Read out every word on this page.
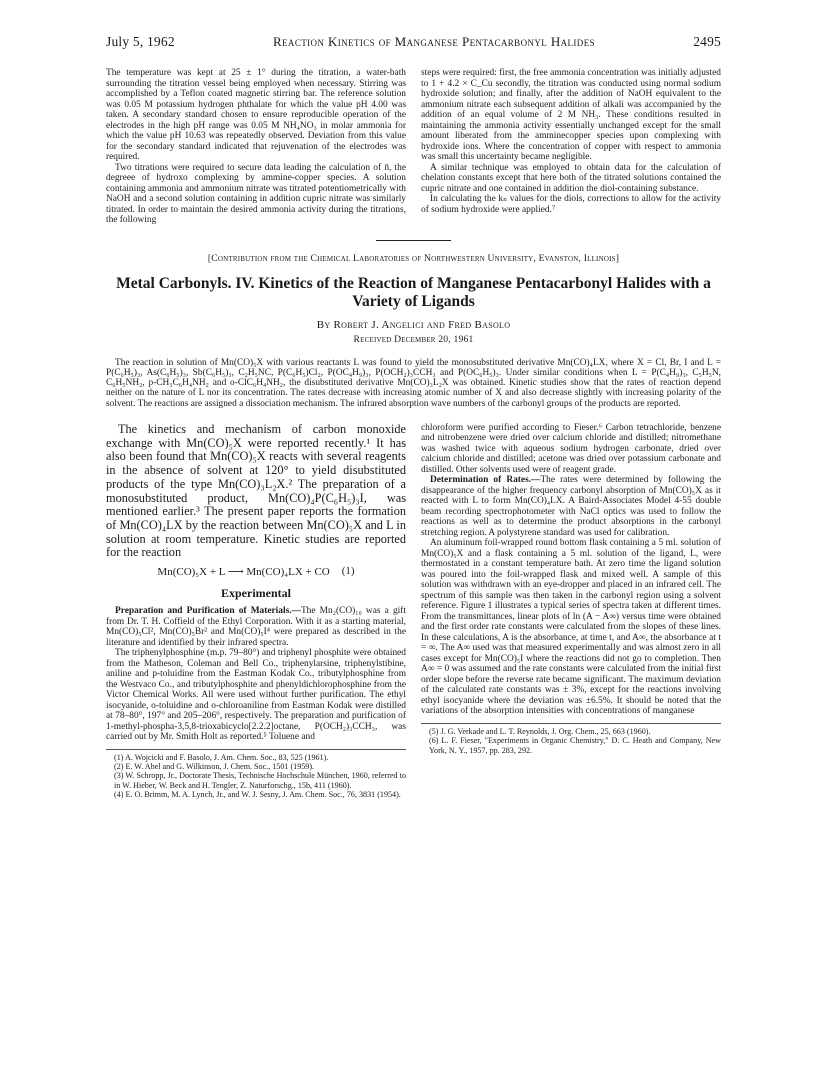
July 5, 1962	Reaction Kinetics of Manganese Pentacarbonyl Halides	2495

The temperature was kept at 25 ± 1° during the titration, a water-bath surrounding the titration vessel being employed when necessary. Stirring was accomplished by a Teflon coated magnetic stirring bar. The reference solution was 0.05 M potassium hydrogen phthalate for which the value pH 4.00 was taken. A secondary standard chosen to ensure reproducible operation of the electrodes in the high pH range was 0.05 M NH₄NO₃ in molar ammonia for which the value pH 10.63 was repeatedly observed. Deviation from this value for the secondary standard indicated that rejuvenation of the electrodes was required.

Two titrations were required to secure data leading the calculation of n̄, the degreee of hydroxo complexing by ammine-copper species. A solution containing ammonia and ammonium nitrate was titrated potentiometrically with NaOH and a second solution containing in addition cupric nitrate was similarly titrated. In order to maintain the desired ammonia activity during the titrations, the following

steps were required: first, the free ammonia concentration was initially adjusted to 1 + 4.2 × C_Cu secondly, the titration was conducted using normal sodium hydroxide solution; and finally, after the addition of NaOH equivalent to the ammonium nitrate each subsequent addition of alkali was accompanied by the addition of an equal volume of 2 M NH₃. These conditions resulted in maintaining the ammonia activity essentially unchanged except for the small amount liberated from the amminecopper species upon complexing with hydroxide ions. Where the concentration of copper with respect to ammonia was small this uncertainty became negligible.

A similar technique was employed to obtain data for the calculation of chelation constants except that here both of the titrated solutions contained the cupric nitrate and one contained in addition the diol-containing substance.

In calculating the kₙ values for the diols, corrections to allow for the activity of sodium hydroxide were applied.⁷

[Contribution from the Chemical Laboratories of Northwestern University, Evanston, Illinois]
Metal Carbonyls. IV. Kinetics of the Reaction of Manganese Pentacarbonyl Halides with a Variety of Ligands
By Robert J. Angelici and Fred Basolo
Received December 20, 1961

The reaction in solution of Mn(CO)₅X with various reactants L was found to yield the monosubstituted derivative Mn(CO)₄LX, where X = Cl, Br, I and L = P(C₆H₅)₃, As(C₆H₅)₃, Sb(C₆H₅)₃, C₂H₅NC, P(C₆H₅)Cl₂, P(OC₄H₉)₃, P(OCH₂)₃CCH₃ and P(OC₆H₅)₃. Under similar conditions when L = P(C₄H₉)₃, C₅H₅N, C₆H₅NH₂, p-CH₃C₆H₄NH₂ and o-ClC₆H₄NH₂, the disubstituted derivative Mn(CO)₃L₂X was obtained. Kinetic studies show that the rates of reaction depend neither on the nature of L nor its concentration. The rates decrease with increasing atomic number of X and also decrease slightly with increasing polarity of the solvent. The reactions are assigned a dissociation mechanism. The infrared absorption wave numbers of the carbonyl groups of the products are reported.

The kinetics and mechanism of carbon monoxide exchange with Mn(CO)₅X were reported recently.¹ It has also been found that Mn(CO)₅X reacts with several reagents in the absence of solvent at 120° to yield disubstituted products of the type Mn(CO)₃L₂X.² The preparation of a monosubstituted product, Mn(CO)₄P(C₆H₅)₃I, was mentioned earlier.³ The present paper reports the formation of Mn(CO)₄LX by the reaction between Mn(CO)₅X and L in solution at room temperature. Kinetic studies are reported for the reaction

Mn(CO)₅X + L ⟶ Mn(CO)₄LX + CO (1)
Experimental

Preparation and Purification of Materials.—The Mn₂(CO)₁₀ was a gift from Dr. T. H. Coffield of the Ethyl Corporation. With it as a starting material, Mn(CO)₅Cl², Mn(CO)₅Br² and Mn(CO)₅I⁴ were prepared as described in the literature and identified by their infrared spectra.

The triphenylphosphine (m.p. 79–80°) and triphenyl phosphite were obtained from the Matheson, Coleman and Bell Co., triphenylarsine, triphenylstibine, aniline and p-toluidine from the Eastman Kodak Co., tributylphosphine from the Westvaco Co., and tributylphosphite and phenyldichlorophosphine from the Victor Chemical Works. All were used without further purification. The ethyl isocyanide, o-toluidine and o-chloroaniline from Eastman Kodak were distilled at 78–80°, 197° and 205–206°, respectively. The preparation and purification of 1-methyl-phospha-3,5,8-trioxabicyclo[2.2.2]octane, P(OCH₂)₃CCH₃, was carried out by Mr. Smith Holt as reported.⁵ Toluene and

(1) A. Wojcicki and F. Basolo, J. Am. Chem. Soc., 83, 525 (1961).

(2) E. W. Abel and G. Wilkinson, J. Chem. Soc., 1501 (1959).

(3) W. Schropp, Jr., Doctorate Thesis, Technische Hochschule München, 1960, referred to in W. Hieber, W. Beck and H. Tengler, Z. Naturforschg., 15b, 411 (1960).

(4) E. O. Brimm, M. A. Lynch, Jr., and W. J. Sesny, J. Am. Chem. Soc., 76, 3831 (1954).

chloroform were purified according to Fieser.⁶ Carbon tetrachloride, benzene and nitrobenzene were dried over calcium chloride and distilled; nitromethane was washed twice with aqueous sodium hydrogen carbonate, dried over calcium chloride and distilled; acetone was dried over potassium carbonate and distilled. Other solvents used were of reagent grade.

Determination of Rates.—The rates were determined by following the disappearance of the higher frequency carbonyl absorption of Mn(CO)₅X as it reacted with L to form Mn(CO)₄LX. A Baird-Associates Model 4-55 double beam recording spectrophotometer with NaCl optics was used to follow the reactions as well as to determine the product absorptions in the carbonyl stretching region. A polystyrene standard was used for calibration.

An aluminum foil-wrapped round bottom flask containing a 5 ml. solution of Mn(CO)₅X and a flask containing a 5 ml. solution of the ligand, L, were thermostated in a constant temperature bath. At zero time the ligand solution was poured into the foil-wrapped flask and mixed well. A sample of this solution was withdrawn with an eye-dropper and placed in an infrared cell. The spectrum of this sample was then taken in the carbonyl region using a solvent reference. Figure 1 illustrates a typical series of spectra taken at different times. From the transmittances, linear plots of ln (A − A∞) versus time were obtained and the first order rate constants were calculated from the slopes of these lines. In these calculations, A is the absorbance, at time t, and A∞, the absorbance at t = ∞. The A∞ used was that measured experimentally and was almost zero in all cases except for Mn(CO)₅I where the reactions did not go to completion. Then A∞ = 0 was assumed and the rate constants were calculated from the initial first order slope before the reverse rate became significant. The maximum deviation of the calculated rate constants was ± 3%, except for the reactions involving ethyl isocyanide where the deviation was ±6.5%. It should be noted that the variations of the absorption intensities with concentrations of manganese

(5) J. G. Verkade and L. T. Reynolds, J. Org. Chem., 25, 663 (1960).

(6) L. F. Fieser, "Experiments in Organic Chemistry," D. C. Heath and Company, New York, N. Y., 1957, pp. 283, 292.
